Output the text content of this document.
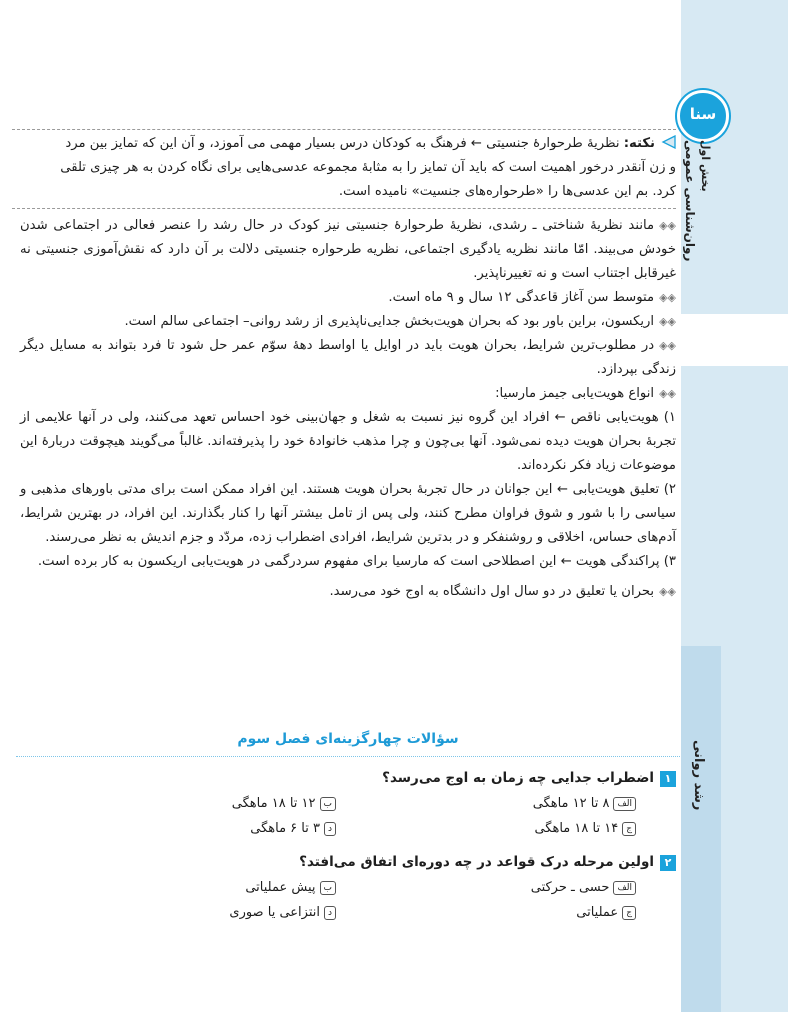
سنا
بخش اول
روان‌شناسی عمومی
رشد روانی

نکته: نظریهٔ طرحوارهٔ جنسیتی ← فرهنگ به کودکان درس بسیار مهمی می آموزد، و آن این که تمایز بین مرد

و زن آنقدر درخور اهمیت است که باید آن تمایز را به مثابهٔ مجموعه عدسی‌هایی برای نگاه کردن به هر چیزی تلقی

کرد. بم این عدسی‌ها را «طرحواره‌های جنسیت» نامیده است.

◈◈مانند نظریهٔ شناختی ـ رشدی، نظریهٔ طرحوارهٔ جنسیتی نیز کودک در حال رشد را عنصر فعالی در اجتماعی شدن خودش می‌بیند. امّا مانند نظریه یادگیری اجتماعی، نظریه طرحواره جنسیتی دلالت بر آن دارد که نقش‌آموزی جنسیتی نه غیرقابل اجتناب است و نه تغییرناپذیر.

◈◈متوسط سن آغاز قاعدگی ۱۲ سال و ۹ ماه است.

◈◈اریکسون، براین باور بود که بحران هویت‌بخش جدایی‌ناپذیری از رشد روانی– اجتماعی سالم است.

◈◈در مطلوب‌ترین شرایط، بحران هویت باید در اوایل یا اواسط دههٔ سوّم عمر حل شود تا فرد بتواند به مسایل دیگر زندگی بپردازد.

◈◈انواع هویت‌یابی جیمز مارسیا:

۱) هویت‌یابی ناقص ← افراد این گروه نیز نسبت به شغل و جهان‌بینی خود احساس تعهد می‌کنند، ولی در آنها علایمی از تجربهٔ بحران هویت دیده نمی‌شود. آنها بی‌چون و چرا مذهب خانوادهٔ خود را پذیرفته‌اند. غالباً می‌گویند هیچوقت دربارهٔ این موضوعات زیاد فکر نکرده‌اند.

۲) تعلیق هویت‌یابی ← این جوانان در حال تجربهٔ بحران هویت هستند. این افراد ممکن است برای مدتی باورهای مذهبی و سیاسی را با شور و شوق فراوان مطرح کنند، ولی پس از تامل بیشتر آنها را کنار بگذارند. این افراد، در بهترین شرایط، آدم‌های حساس، اخلاقی و روشنفکر و در بدترین شرایط، افرادی اضطراب زده، مردّد و جزم اندیش به نظر می‌رسند.

۳) پراکندگی هویت ← این اصطلاحی است که مارسیا برای مفهوم سردرگمی در هویت‌یابی اریکسون به کار برده است.

◈◈بحران یا تعلیق در دو سال اول دانشگاه به اوج خود می‌رسد.

سؤالات چهارگزینه‌ای فصل سوم
۱اضطراب جدایی چه زمان به اوج می‌رسد؟
الف۸ تا ۱۲ ماهگی
ب۱۲ تا ۱۸ ماهگی
ج۱۴ تا ۱۸ ماهگی
د۳ تا ۶ ماهگی
۲اولین مرحله درک قواعد در چه دوره‌ای اتفاق می‌افتد؟
الفحسی ـ حرکتی
بپیش عملیاتی
جعملیاتی
دانتزاعی یا صوری
